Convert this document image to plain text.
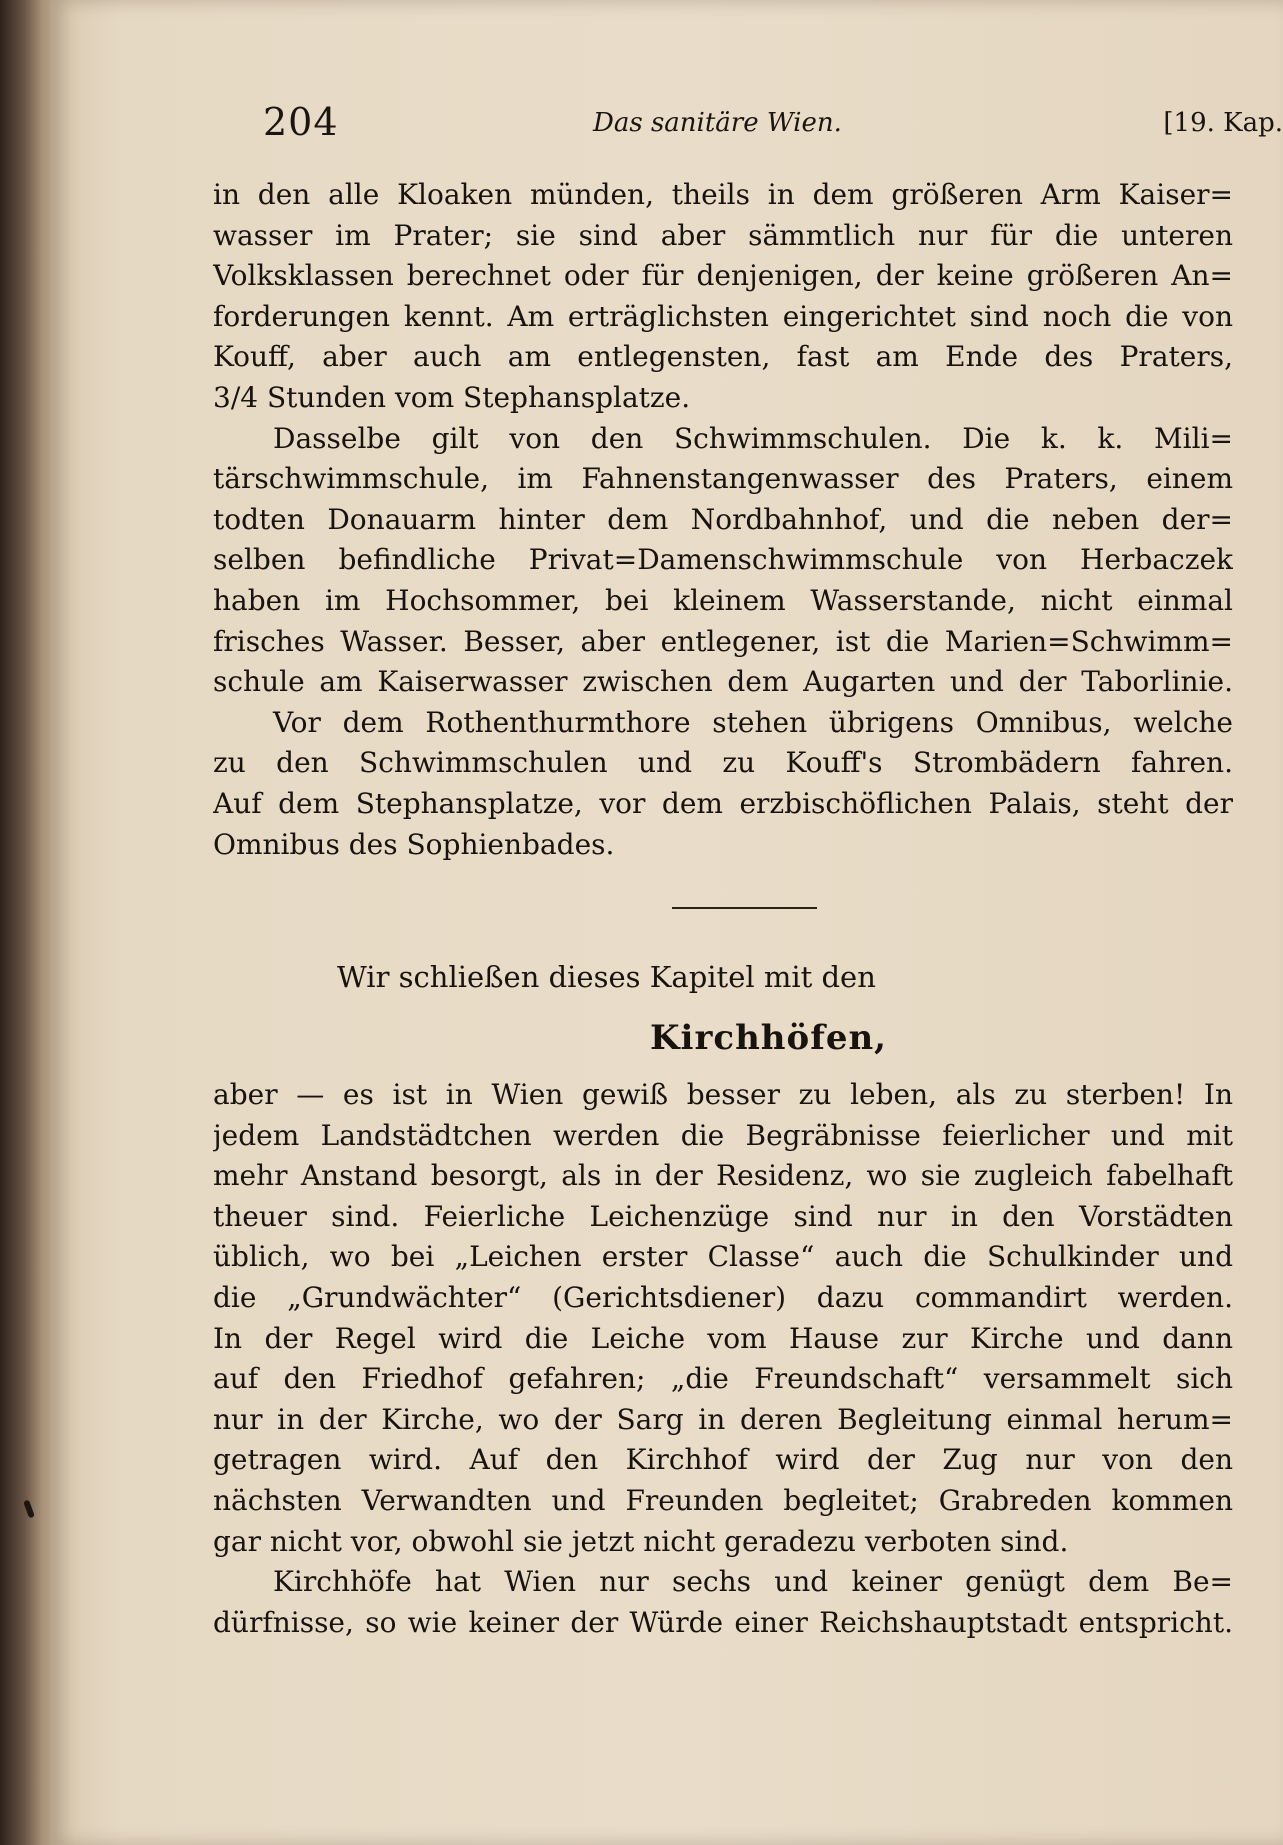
204	Das sanitäre Wien.	[19. Kap.
in den alle Kloaken münden, theils in dem größeren Arm Kaiser=
wasser im Prater; sie sind aber sämmtlich nur für die unteren
Volksklassen berechnet oder für denjenigen, der keine größeren An=
forderungen kennt. Am erträglichsten eingerichtet sind noch die von
Kouff, aber auch am entlegensten, fast am Ende des Praters,
3/4 Stunden vom Stephansplatze.
Dasselbe gilt von den Schwimmschulen. Die k. k. Mili=
tärschwimmschule, im Fahnenstangenwasser des Praters, einem
todten Donauarm hinter dem Nordbahnhof, und die neben der=
selben befindliche Privat=Damenschwimmschule von Herbaczek
haben im Hochsommer, bei kleinem Wasserstande, nicht einmal
frisches Wasser. Besser, aber entlegener, ist die Marien=Schwimm=
schule am Kaiserwasser zwischen dem Augarten und der Taborlinie.
Vor dem Rothenthurmthore stehen übrigens Omnibus, welche
zu den Schwimmschulen und zu Kouff's Strombädern fahren.
Auf dem Stephansplatze, vor dem erzbischöflichen Palais, steht der
Omnibus des Sophienbades.
Wir schließen dieses Kapitel mit den
Kirchhöfen,
aber — es ist in Wien gewiß besser zu leben, als zu sterben! In
jedem Landstädtchen werden die Begräbnisse feierlicher und mit
mehr Anstand besorgt, als in der Residenz, wo sie zugleich fabelhaft
theuer sind. Feierliche Leichenzüge sind nur in den Vorstädten
üblich, wo bei „Leichen erster Classe“ auch die Schulkinder und
die „Grundwächter“ (Gerichtsdiener) dazu commandirt werden.
In der Regel wird die Leiche vom Hause zur Kirche und dann
auf den Friedhof gefahren; „die Freundschaft“ versammelt sich
nur in der Kirche, wo der Sarg in deren Begleitung einmal herum=
getragen wird. Auf den Kirchhof wird der Zug nur von den
nächsten Verwandten und Freunden begleitet; Grabreden kommen
gar nicht vor, obwohl sie jetzt nicht geradezu verboten sind.
Kirchhöfe hat Wien nur sechs und keiner genügt dem Be=
dürfnisse, so wie keiner der Würde einer Reichshauptstadt entspricht.
